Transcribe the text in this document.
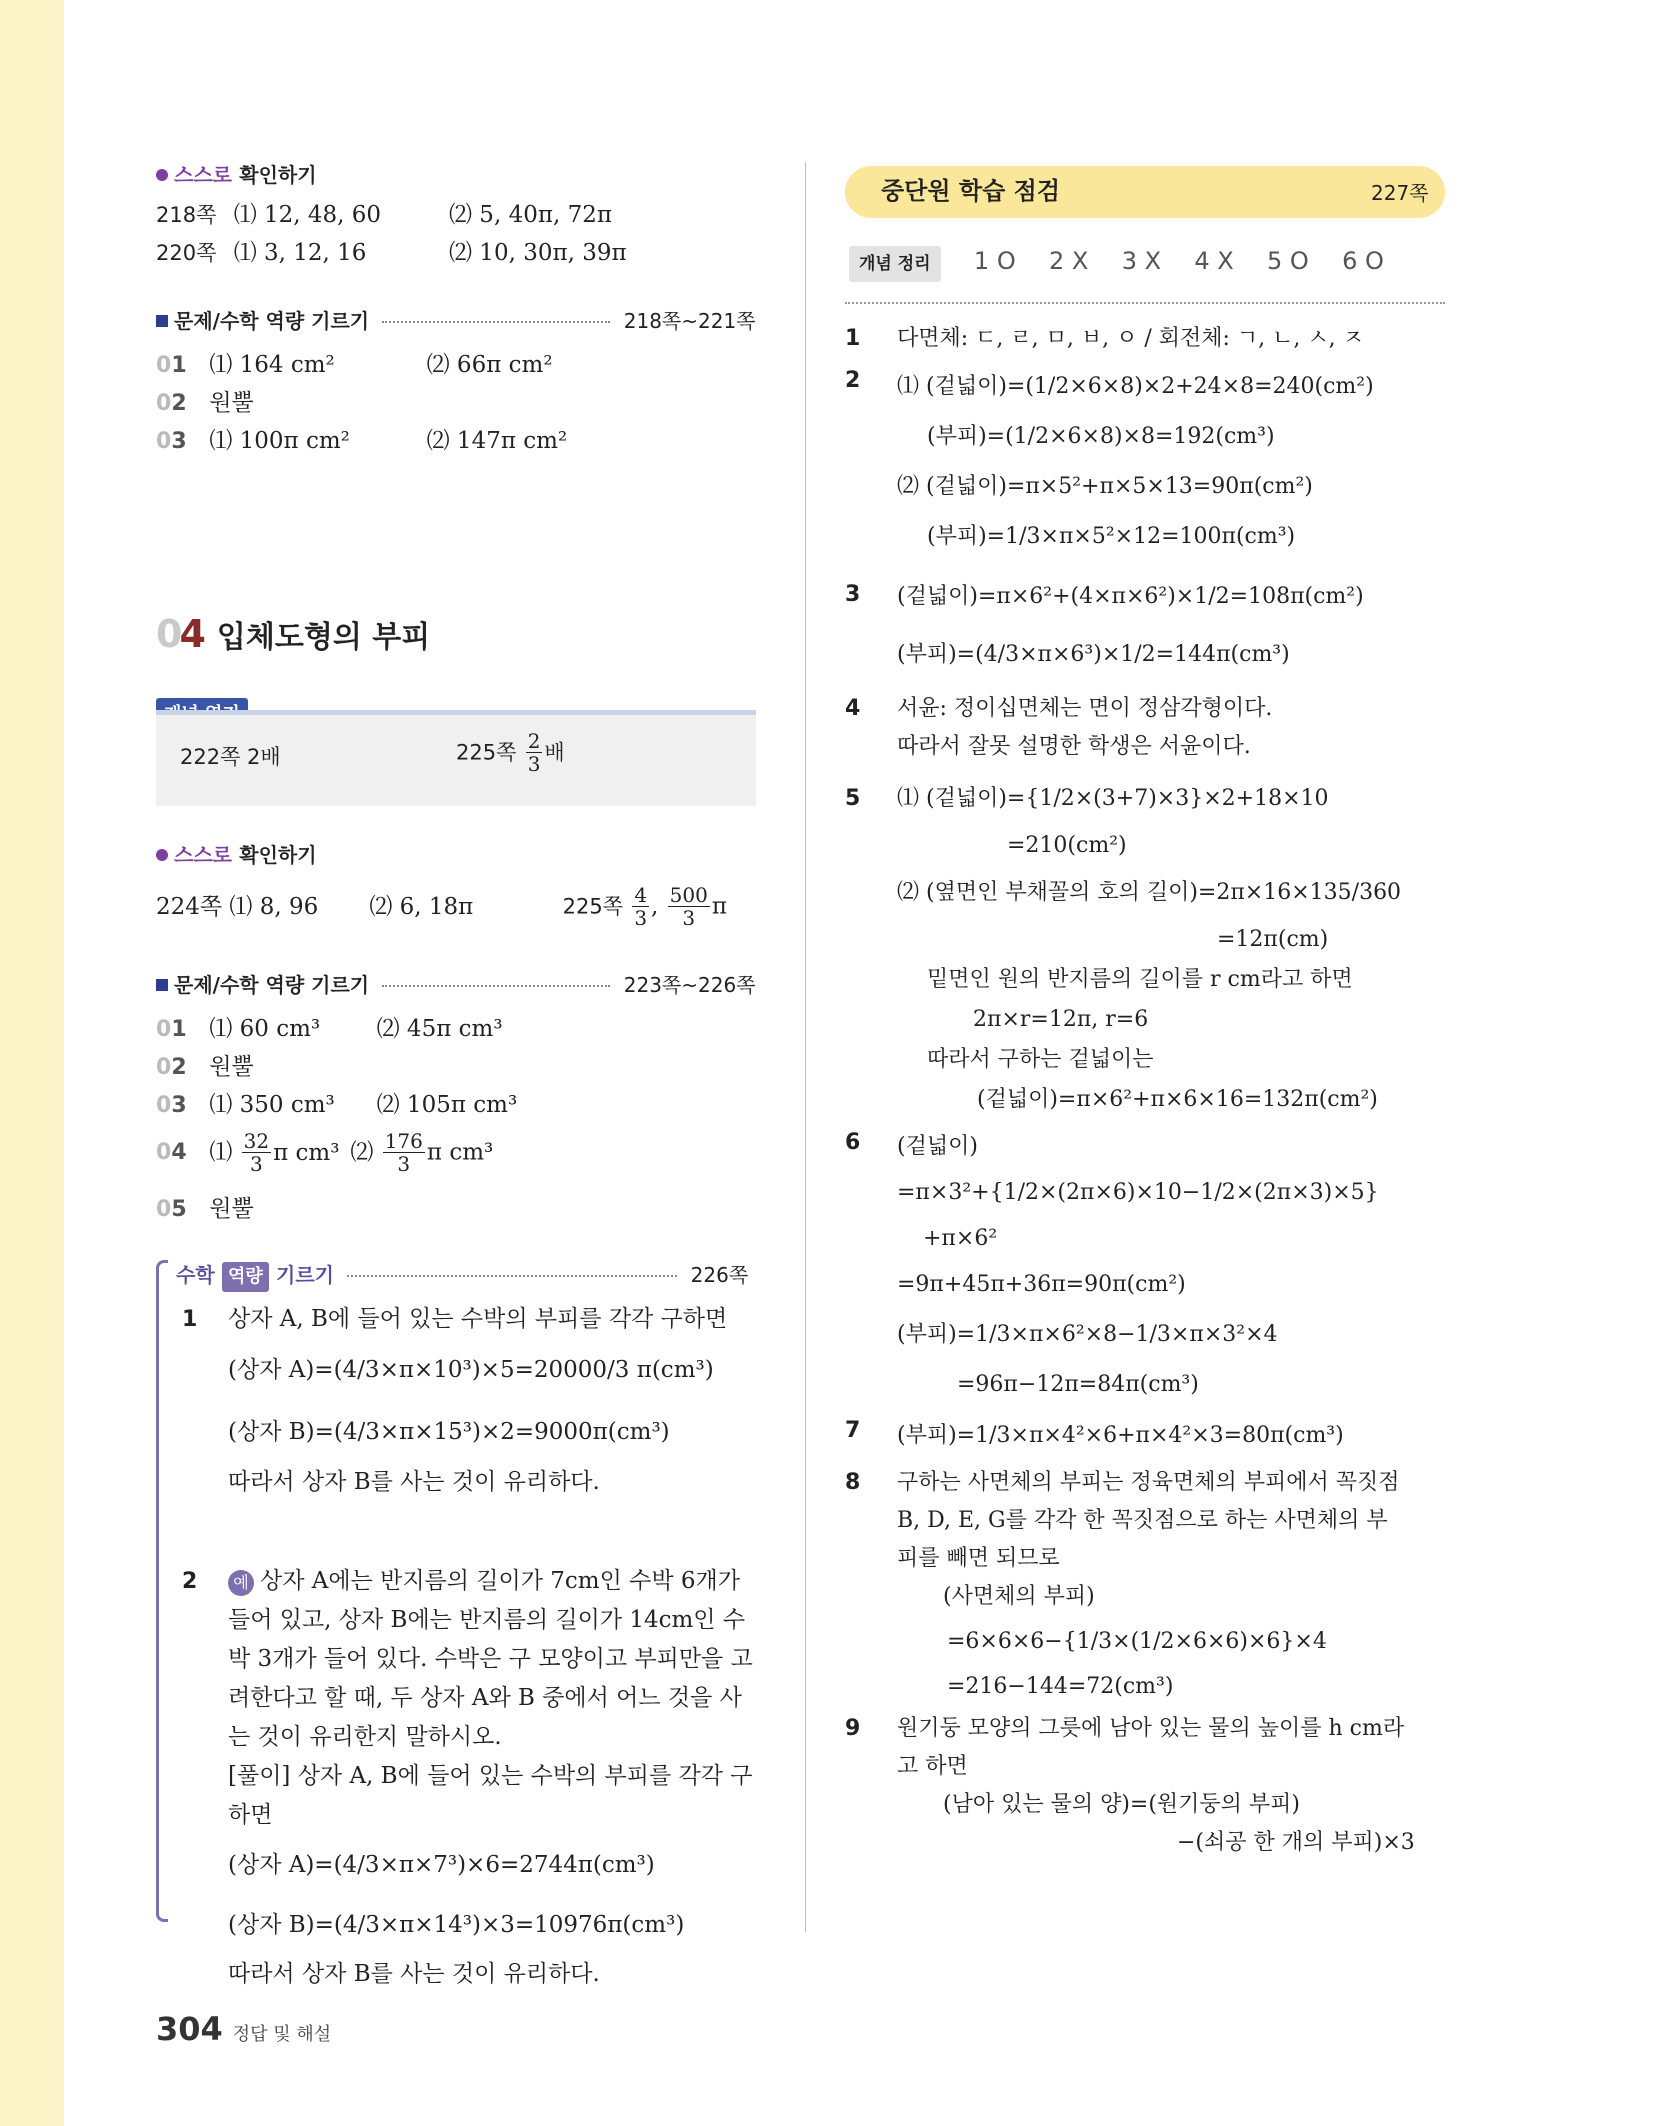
스스로 확인하기
218쪽 ⑴ 12, 48, 60	⑵ 5, 40π, 72π
220쪽 ⑴ 3, 12, 16	⑵ 10, 30π, 39π
문제/수학 역량 기르기	218쪽~221쪽
01 ⑴ 164 cm²	⑵ 66π cm²
02 원뿔
03 ⑴ 100π cm²	⑵ 147π cm²
04 입체도형의 부피
222쪽 2배	225쪽 $\frac{2}{3}$ 배
스스로 확인하기
224쪽 ⑴ 8, 96 ⑵ 6, 18π	225쪽 $\frac{4}{3}$ , $\frac{500}{3}$ π
문제/수학 역량 기르기	223쪽~226쪽
01 ⑴ 60 cm³ ⑵ 45π cm³
02 원뿔
03 ⑴ 350 cm³ ⑵ 105π cm³
04 ⑴ $\frac{32}{3}$ π cm³ ⑵ $\frac{176}{3}$ π cm³
05 원뿔
수학 역량 기르기	226쪽
1	상자 A, B에 들어 있는 수박의 부피를 각각 구하면
(상자 A)=(4/3×π×10³)×5=20000/3 π(cm³)
(상자 B)=(4/3×π×15³)×2=9000π(cm³)
따라서 상자 B를 사는 것이 유리하다.
2	예 상자 A에는 반지름의 길이가 7cm인 수박 6개가
들어 있고, 상자 B에는 반지름의 길이가 14cm인 수
박 3개가 들어 있다. 수박은 구 모양이고 부피만을 고
려한다고 할 때, 두 상자 A와 B 중에서 어느 것을 사
는 것이 유리한지 말하시오.
[풀이] 상자 A, B에 들어 있는 수박의 부피를 각각 구
하면
(상자 A)=(4/3×π×7³)×6=2744π(cm³)
(상자 B)=(4/3×π×14³)×3=10976π(cm³)
따라서 상자 B를 사는 것이 유리하다.
중단원 학습 점검	227쪽
개념 정리 1 O 2 X 3 X 4 X 5 O 6 O
1	다면체: ㄷ, ㄹ, ㅁ, ㅂ, ㅇ / 회전체: ㄱ, ㄴ, ㅅ, ㅈ
2	⑴ (겉넓이)=(1/2×6×8)×2+24×8=240(cm²)
(부피)=(1/2×6×8)×8=192(cm³)
⑵ (겉넓이)=π×5²+π×5×13=90π(cm²)
(부피)=1/3×π×5²×12=100π(cm³)
3	(겉넓이)=π×6²+(4×π×6²)×1/2=108π(cm²)
(부피)=(4/3×π×6³)×1/2=144π(cm³)
4	서윤: 정이십면체는 면이 정삼각형이다.
따라서 잘못 설명한 학생은 서윤이다.
5	⑴ (겉넓이)={1/2×(3+7)×3}×2+18×10
=210(cm²)
⑵ (옆면인 부채꼴의 호의 길이)=2π×16×135/360
=12π(cm)
밑면인 원의 반지름의 길이를 r cm라고 하면
2π×r=12π, r=6
따라서 구하는 겉넓이는
(겉넓이)=π×6²+π×6×16=132π(cm²)
6	(겉넓이)
=π×3²+{1/2×(2π×6)×10−1/2×(2π×3)×5}
+π×6²
=9π+45π+36π=90π(cm²)
(부피)=1/3×π×6²×8−1/3×π×3²×4
=96π−12π=84π(cm³)
7	(부피)=1/3×π×4²×6+π×4²×3=80π(cm³)
8	구하는 사면체의 부피는 정육면체의 부피에서 꼭짓점
B, D, E, G를 각각 한 꼭짓점으로 하는 사면체의 부
피를 빼면 되므로
(사면체의 부피)
=6×6×6−{1/3×(1/2×6×6)×6}×4
=216−144=72(cm³)
9	원기둥 모양의 그릇에 남아 있는 물의 높이를 h cm라
고 하면
(남아 있는 물의 양)=(원기둥의 부피)
−(쇠공 한 개의 부피)×3
304 정답 및 해설
